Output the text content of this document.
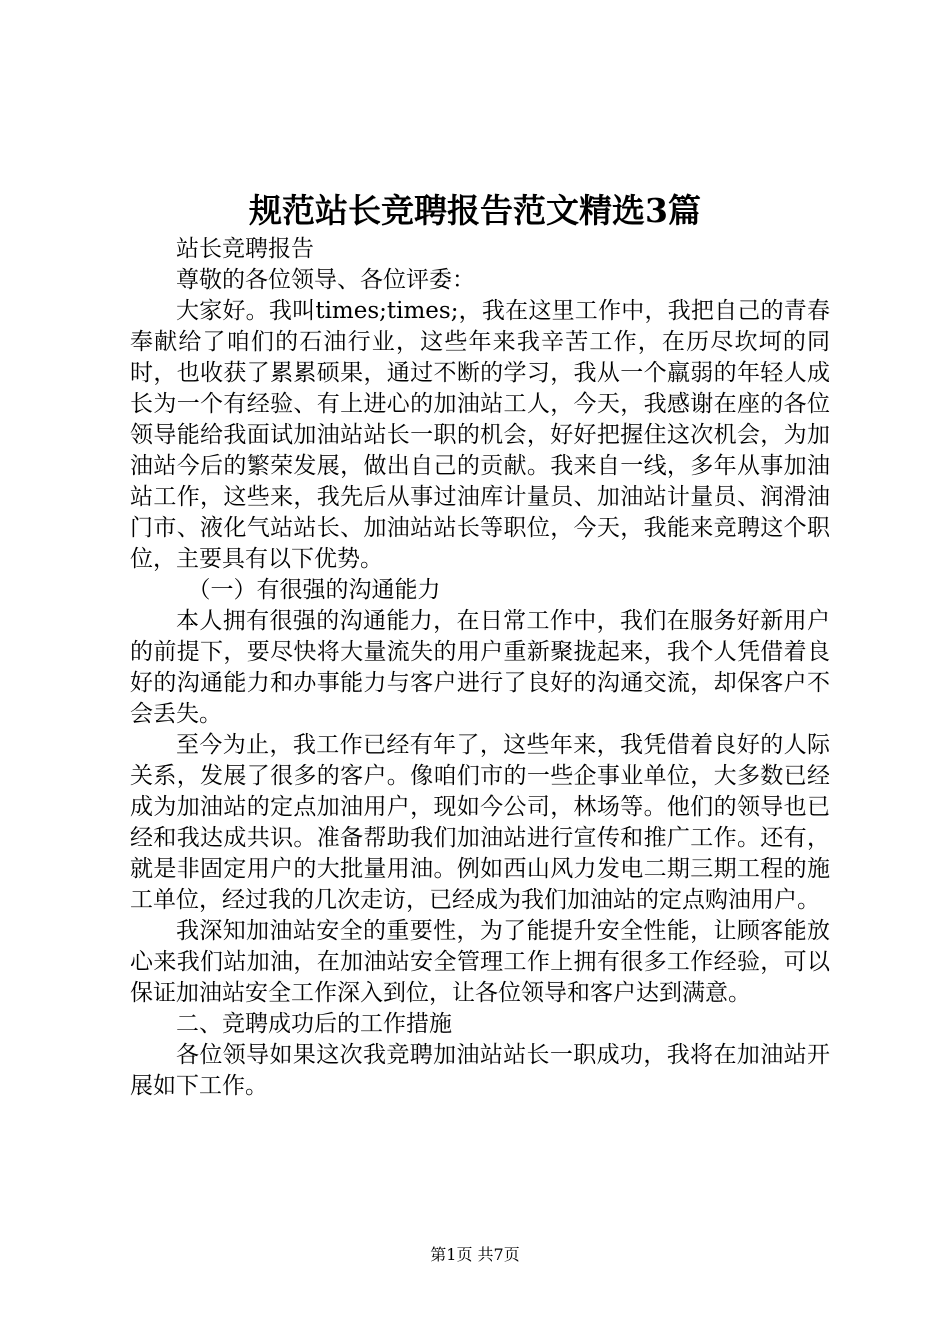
规范站长竞聘报告范文精选3篇

站长竞聘报告

尊敬的各位领导、各位评委：

大家好。我叫times;times;，我在这里工作中，我把自己的青春奉献给了咱们的石油行业，这些年来我辛苦工作，在历尽坎坷的同时，也收获了累累硕果，通过不断的学习，我从一个羸弱的年轻人成长为一个有经验、有上进心的加油站工人，今天，我感谢在座的各位领导能给我面试加油站站长一职的机会，好好把握住这次机会，为加油站今后的繁荣发展，做出自己的贡献。我来自一线，多年从事加油站工作，这些来，我先后从事过油库计量员、加油站计量员、润滑油门市、液化气站站长、加油站站长等职位，今天，我能来竞聘这个职位，主要具有以下优势。

（一）有很强的沟通能力

本人拥有很强的沟通能力，在日常工作中，我们在服务好新用户的前提下，要尽快将大量流失的用户重新聚拢起来，我个人凭借着良好的沟通能力和办事能力与客户进行了良好的沟通交流，却保客户不会丢失。

至今为止，我工作已经有年了，这些年来，我凭借着良好的人际关系，发展了很多的客户。像咱们市的一些企事业单位，大多数已经成为加油站的定点加油用户，现如今公司，林场等。他们的领导也已经和我达成共识。准备帮助我们加油站进行宣传和推广工作。还有，就是非固定用户的大批量用油。例如西山风力发电二期三期工程的施工单位，经过我的几次走访，已经成为我们加油站的定点购油用户。

我深知加油站安全的重要性，为了能提升安全性能，让顾客能放心来我们站加油，在加油站安全管理工作上拥有很多工作经验，可以保证加油站安全工作深入到位，让各位领导和客户达到满意。

二、竞聘成功后的工作措施

各位领导如果这次我竞聘加油站站长一职成功，我将在加油站开展如下工作。

第1页 共7页
